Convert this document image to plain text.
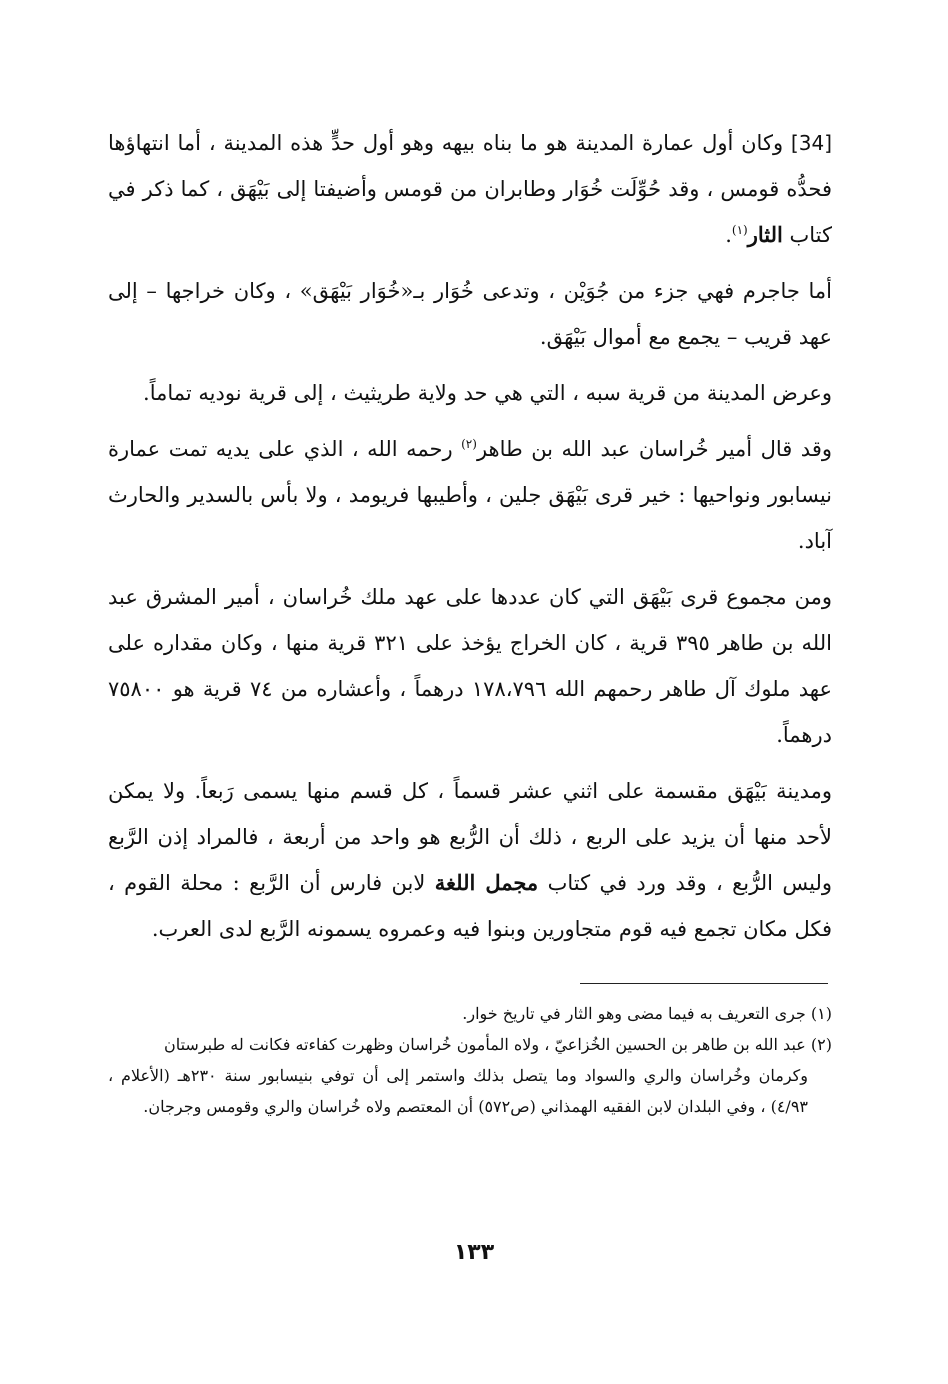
[34] وكان أول عمارة المدينة هو ما بناه بيهه وهو أول حدٍّ هذه المدينة ، أما انتهاؤها فحدُّه قومس ، وقد حُوِّلَت خُوَار وطابران من قومس وأضيفتا إلى بَيْهَق ، كما ذكر في كتاب الثار$^{(١)}$.

أما جاجرم فهي جزء من جُوَيْن ، وتدعى خُوَار بـ«خُوَار بَيْهَق» ، وكان خراجها – إلى عهد قريب – يجمع مع أموال بَيْهَق.

وعرض المدينة من قرية سبه ، التي هي حد ولاية طريثيث ، إلى قرية نوديه تماماً.

وقد قال أمير خُراسان عبد الله بن طاهر$^{(٢)}$ رحمه الله ، الذي على يديه تمت عمارة نيسابور ونواحيها : خير قرى بَيْهَق جلين ، وأطيبها فريومد ، ولا بأس بالسدير والحارث آباد.

ومن مجموع قرى بَيْهَق التي كان عددها على عهد ملك خُراسان ، أمير المشرق عبد الله بن طاهر ٣٩٥ قرية ، كان الخراج يؤخذ على ٣٢١ قرية منها ، وكان مقداره على عهد ملوك آل طاهر رحمهم الله ١٧٨،٧٩٦ درهماً ، وأعشاره من ٧٤ قرية هو ٧٥٨٠٠ درهماً.

ومدينة بَيْهَق مقسمة على اثني عشر قسماً ، كل قسم منها يسمى رَبعاً. ولا يمكن لأحد منها أن يزيد على الربع ، ذلك أن الرُّبع هو واحد من أربعة ، فالمراد إذن الرَّبع وليس الرُّبع ، وقد ورد في كتاب مجمل اللغة لابن فارس أن الرَّبع : محلة القوم ، فكل مكان تجمع فيه قوم متجاورين وبنوا فيه وعمروه يسمونه الرَّبع لدى العرب.

(١) جرى التعريف به فيما مضى وهو الثار في تاريخ خوار.

(٢) عبد الله بن طاهر بن الحسين الخُزاعيّ ، ولاه المأمون خُراسان وظهرت كفاءته فكانت له طبرستان

وكرمان وخُراسان والري والسواد وما يتصل بذلك واستمر إلى أن توفي بنيسابور سنة ٢٣٠هـ (الأعلام ، ٤/٩٣) ، وفي البلدان لابن الفقيه الهمذاني (ص٥٧٢) أن المعتصم ولاه خُراسان والري وقومس وجرجان.

١٣٣
